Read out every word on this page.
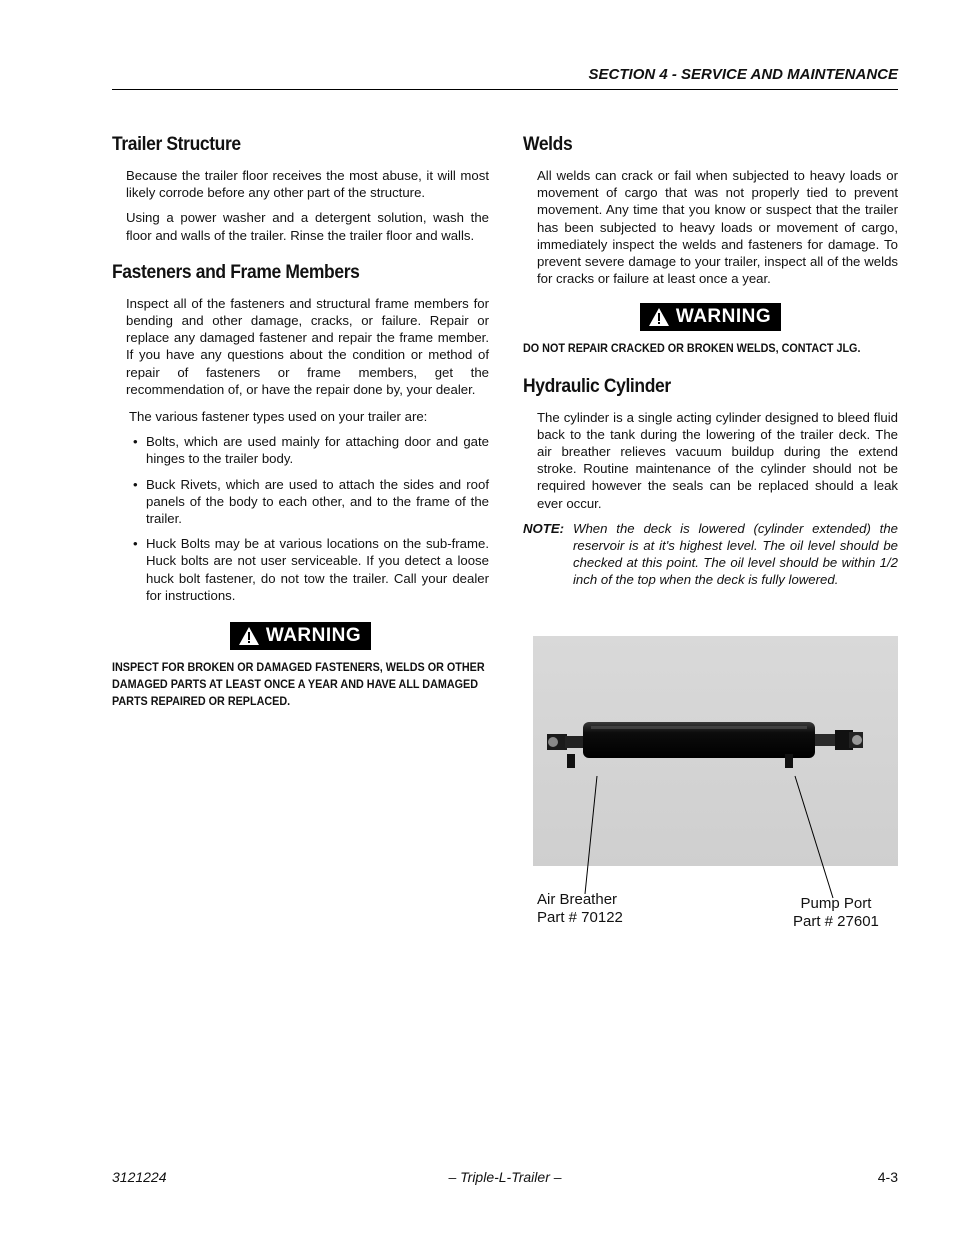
SECTION 4 - SERVICE AND MAINTENANCE
Trailer Structure

Because the trailer floor receives the most abuse, it will most likely corrode before any other part of the structure.

Using a power washer and a detergent solution, wash the floor and walls of the trailer. Rinse the trailer floor and walls.

Fasteners and Frame Members

Inspect all of the fasteners and structural frame members for bending and other damage, cracks, or failure. Repair or replace any damaged fastener and repair the frame member. If you have any questions about the condition or method of repair of fasteners or frame members, get the recommendation of, or have the repair done by, your dealer.

The various fastener types used on your trailer are:

• Bolts, which are used mainly for attaching door and gate hinges to the trailer body.
• Buck Rivets, which are used to attach the sides and roof panels of the body to each other, and to the frame of the trailer.
• Huck Bolts may be at various locations on the sub-frame. Huck bolts are not user serviceable. If you detect a loose huck bolt fastener, do not tow the trailer. Call your dealer for instructions.
WARNING

INSPECT FOR BROKEN OR DAMAGED FASTENERS, WELDS OR OTHER DAMAGED PARTS AT LEAST ONCE A YEAR AND HAVE ALL DAMAGED PARTS REPAIRED OR REPLACED.

Welds

All welds can crack or fail when subjected to heavy loads or movement of cargo that was not properly tied to prevent movement. Any time that you know or suspect that the trailer has been subjected to heavy loads or movement of cargo, immediately inspect the welds and fasteners for damage. To prevent severe damage to your trailer, inspect all of the welds for cracks or failure at least once a year.

WARNING

DO NOT REPAIR CRACKED OR BROKEN WELDS, CONTACT JLG.

Hydraulic Cylinder

The cylinder is a single acting cylinder designed to bleed fluid back to the tank during the lowering of the trailer deck. The air breather relieves vacuum buildup during the extend stroke. Routine maintenance of the cylinder should not be required however the seals can be replaced should a leak ever occur.

NOTE: When the deck is lowered (cylinder extended) the reservoir is at it's highest level. The oil level should be checked at this point. The oil level should be within 1/2 inch of the top when the deck is fully lowered.
Air Breather
Part # 70122
Pump Port
Part # 27601
3121224	– Triple-L-Trailer –	4-3
